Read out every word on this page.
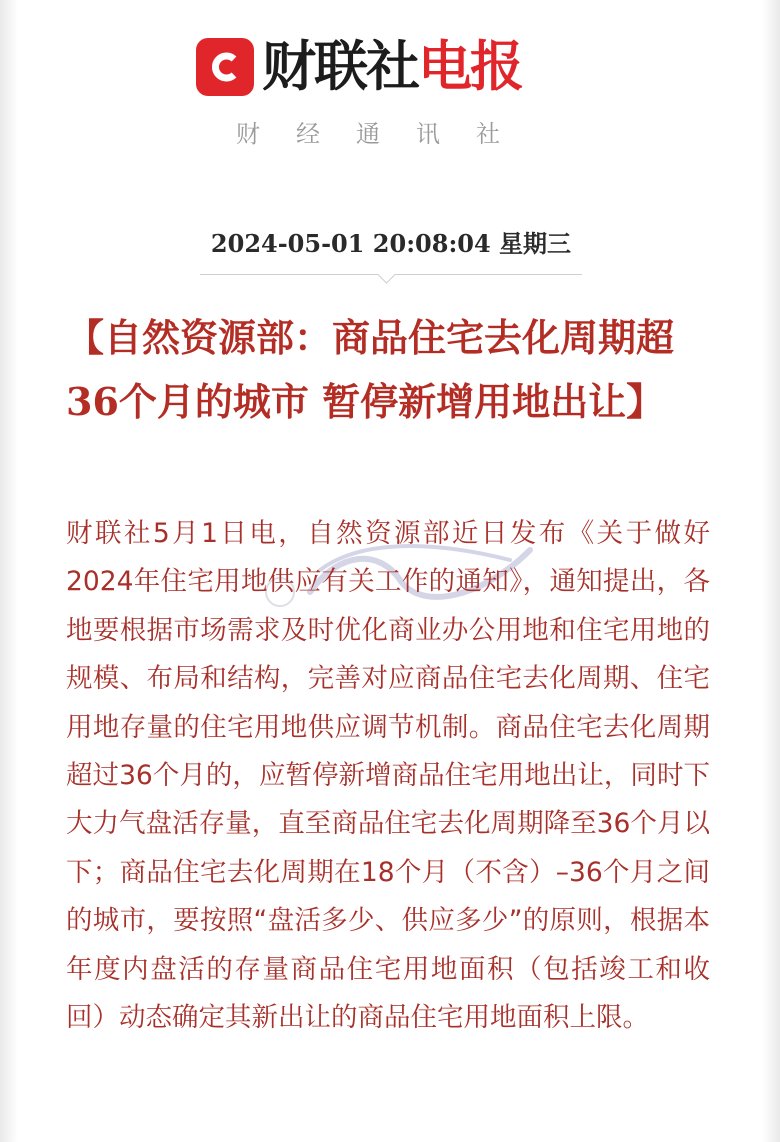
财联社 电报
财经通讯社
2024-05-01 20:08:04 星期三
【自然资源部：商品住宅去化周期超36个月的城市 暂停新增用地出让】
财联社5月1日电，自然资源部近日发布《关于做好2024年住宅用地供应有关工作的通知》，通知提出，各地要根据市场需求及时优化商业办公用地和住宅用地的规模、布局和结构，完善对应商品住宅去化周期、住宅用地存量的住宅用地供应调节机制。商品住宅去化周期超过36个月的，应暂停新增商品住宅用地出让，同时下大力气盘活存量，直至商品住宅去化周期降至36个月以下；商品住宅去化周期在18个月（不含）–36个月之间的城市，要按照“盘活多少、供应多少”的原则，根据本年度内盘活的存量商品住宅用地面积（包括竣工和收回）动态确定其新出让的商品住宅用地面积上限。
